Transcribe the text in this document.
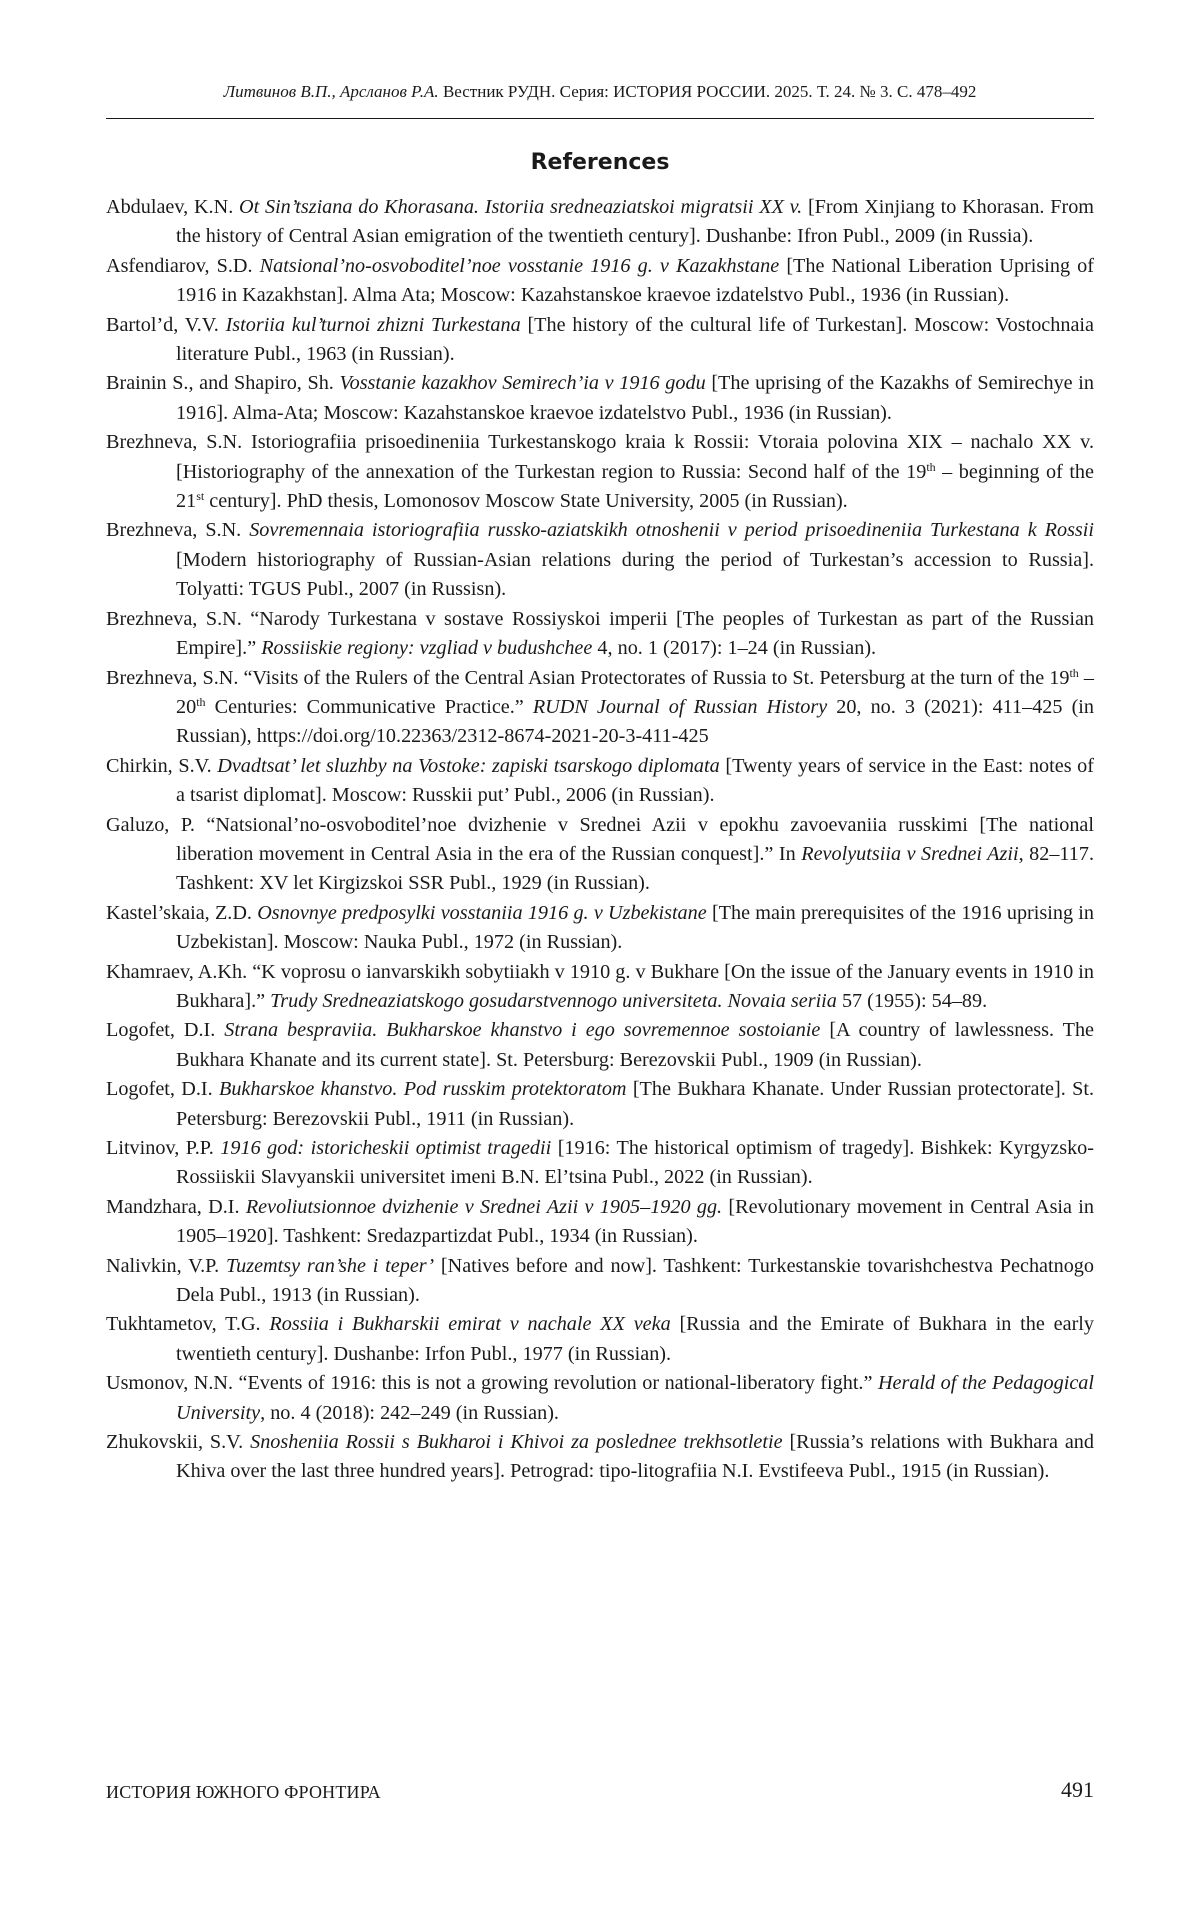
Литвинов В.П., Арсланов Р.А. Вестник РУДН. Серия: ИСТОРИЯ РОССИИ. 2025. Т. 24. № 3. С. 478–492
References
Abdulaev, K.N. Ot Sin’tsziana do Khorasana. Istoriia sredneaziatskoi migratsii XX v. [From Xinjiang to Khorasan. From the history of Central Asian emigration of the twentieth century]. Dushanbe: Ifron Publ., 2009 (in Russia).
Asfendiarov, S.D. Natsional’no-osvoboditel’noe vosstanie 1916 g. v Kazakhstane [The National Liberation Uprising of 1916 in Kazakhstan]. Alma Ata; Moscow: Kazahstanskoe kraevoe izdatelstvo Publ., 1936 (in Russian).
Bartol’d, V.V. Istoriia kul’turnoi zhizni Turkestana [The history of the cultural life of Turkestan]. Moscow: Vostochnaia literature Publ., 1963 (in Russian).
Brainin S., and Shapiro, Sh. Vosstanie kazakhov Semirech’ia v 1916 godu [The uprising of the Kazakhs of Semirechye in 1916]. Alma-Ata; Moscow: Kazahstanskoe kraevoe izdatelstvo Publ., 1936 (in Russian).
Brezhneva, S.N. Istoriografiia prisoedineniia Turkestanskogo kraia k Rossii: Vtoraia polovina XIX – nachalo XX v. [Historiography of the annexation of the Turkestan region to Russia: Second half of the 19th – beginning of the 21st century]. PhD thesis, Lomonosov Moscow State University, 2005 (in Russian).
Brezhneva, S.N. Sovremennaia istoriografiia russko-aziatskikh otnoshenii v period prisoedineniia Turkestana k Rossii [Modern historiography of Russian-Asian relations during the period of Turkestan’s accession to Russia]. Tolyatti: TGUS Publ., 2007 (in Russisn).
Brezhneva, S.N. “Narody Turkestana v sostave Rossiyskoi imperii [The peoples of Turkestan as part of the Russian Empire].” Rossiiskie regiony: vzgliad v budushchee 4, no. 1 (2017): 1–24 (in Russian).
Brezhneva, S.N. “Visits of the Rulers of the Central Asian Protectorates of Russia to St. Petersburg at the turn of the 19th – 20th Centuries: Communicative Practice.” RUDN Journal of Russian History 20, no. 3 (2021): 411–425 (in Russian), https://doi.org/10.22363/2312-8674-2021-20-3-411-425
Chirkin, S.V. Dvadtsat’ let sluzhby na Vostoke: zapiski tsarskogo diplomata [Twenty years of service in the East: notes of a tsarist diplomat]. Moscow: Russkii put’ Publ., 2006 (in Russian).
Galuzo, P. “Natsional’no-osvoboditel’noe dvizhenie v Srednei Azii v epokhu zavoevaniia russkimi [The national liberation movement in Central Asia in the era of the Russian conquest].” In Revolyutsiia v Srednei Azii, 82–117. Tashkent: XV let Kirgizskoi SSR Publ., 1929 (in Russian).
Kastel’skaia, Z.D. Osnovnye predposylki vosstaniia 1916 g. v Uzbekistane [The main prerequisites of the 1916 uprising in Uzbekistan]. Moscow: Nauka Publ., 1972 (in Russian).
Khamraev, A.Kh. “K voprosu o ianvarskikh sobytiiakh v 1910 g. v Bukhare [On the issue of the January events in 1910 in Bukhara].” Trudy Sredneaziatskogo gosudarstvennogo universiteta. Novaia seriia 57 (1955): 54–89.
Logofet, D.I. Strana bespraviia. Bukharskoe khanstvo i ego sovremennoe sostoianie [A country of lawlessness. The Bukhara Khanate and its current state]. St. Petersburg: Berezovskii Publ., 1909 (in Russian).
Logofet, D.I. Bukharskoe khanstvo. Pod russkim protektoratom [The Bukhara Khanate. Under Russian protectorate]. St. Petersburg: Berezovskii Publ., 1911 (in Russian).
Litvinov, P.P. 1916 god: istoricheskii optimist tragedii [1916: The historical optimism of tragedy]. Bishkek: Kyrgyzsko-Rossiiskii Slavyanskii universitet imeni B.N. El’tsina Publ., 2022 (in Russian).
Mandzhara, D.I. Revoliutsionnoe dvizhenie v Srednei Azii v 1905–1920 gg. [Revolutionary movement in Central Asia in 1905–1920]. Tashkent: Sredazpartizdat Publ., 1934 (in Russian).
Nalivkin, V.P. Tuzemtsy ran’she i teper’ [Natives before and now]. Tashkent: Turkestanskie tovarishchestva Pechatnogo Dela Publ., 1913 (in Russian).
Tukhtametov, T.G. Rossiia i Bukharskii emirat v nachale XX veka [Russia and the Emirate of Bukhara in the early twentieth century]. Dushanbe: Irfon Publ., 1977 (in Russian).
Usmonov, N.N. “Events of 1916: this is not a growing revolution or national-liberatory fight.” Herald of the Pedagogical University, no. 4 (2018): 242–249 (in Russian).
Zhukovskii, S.V. Snosheniia Rossii s Bukharoi i Khivoi za poslednee trekhsotletie [Russia’s relations with Bukhara and Khiva over the last three hundred years]. Petrograd: tipo-litografiia N.I. Evstifeeva Publ., 1915 (in Russian).
ИСТОРИЯ ЮЖНОГО ФРОНТИРА	491
